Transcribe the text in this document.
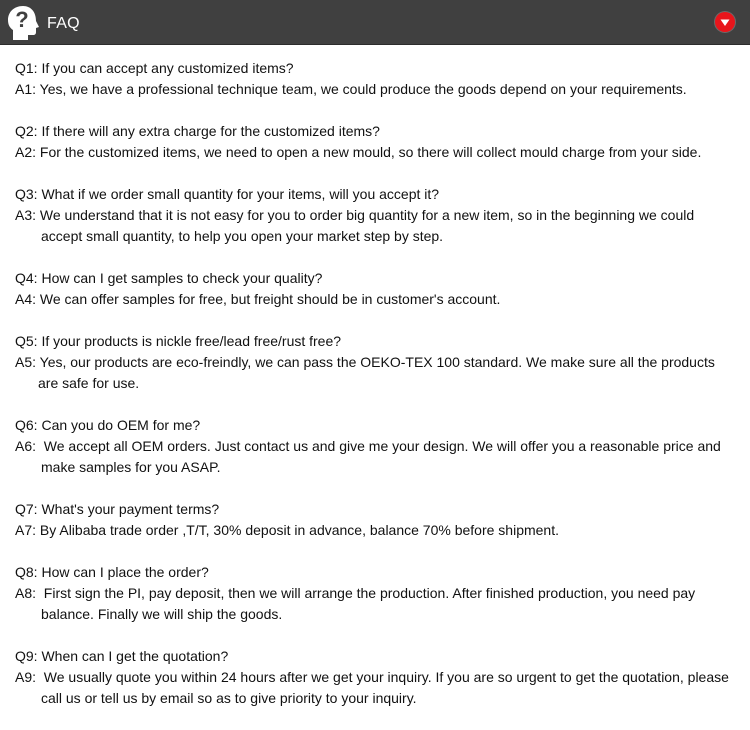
? FAQ

Q1: If you can accept any customized items?

A1: Yes, we have a professional technique team, we could produce the goods depend on your requirements.

Q2: If there will any extra charge for the customized items?

A2: For the customized items, we need to open a new mould, so there will collect mould charge from your side.

Q3: What if we order small quantity for your items, will you accept it?

A3: We understand that it is not easy for you to order big quantity for a new item, so in the beginning we could accept small quantity, to help you open your market step by step.

Q4: How can I get samples to check your quality?

A4: We can offer samples for free, but freight should be in customer's account.

Q5: If your products is nickle free/lead free/rust free?

A5: Yes, our products are eco-freindly, we can pass the OEKO-TEX 100 standard. We make sure all the products are safe for use.

Q6: Can you do OEM for me?

A6:  We accept all OEM orders. Just contact us and give me your design. We will offer you a reasonable price and make samples for you ASAP.

Q7: What's your payment terms?

A7: By Alibaba trade order ,T/T, 30% deposit in advance, balance 70% before shipment.

Q8: How can I place the order?

A8:  First sign the PI, pay deposit, then we will arrange the production. After finished production, you need pay balance. Finally we will ship the goods.

Q9: When can I get the quotation?

A9:  We usually quote you within 24 hours after we get your inquiry. If you are so urgent to get the quotation, please call us or tell us by email so as to give priority to your inquiry.
